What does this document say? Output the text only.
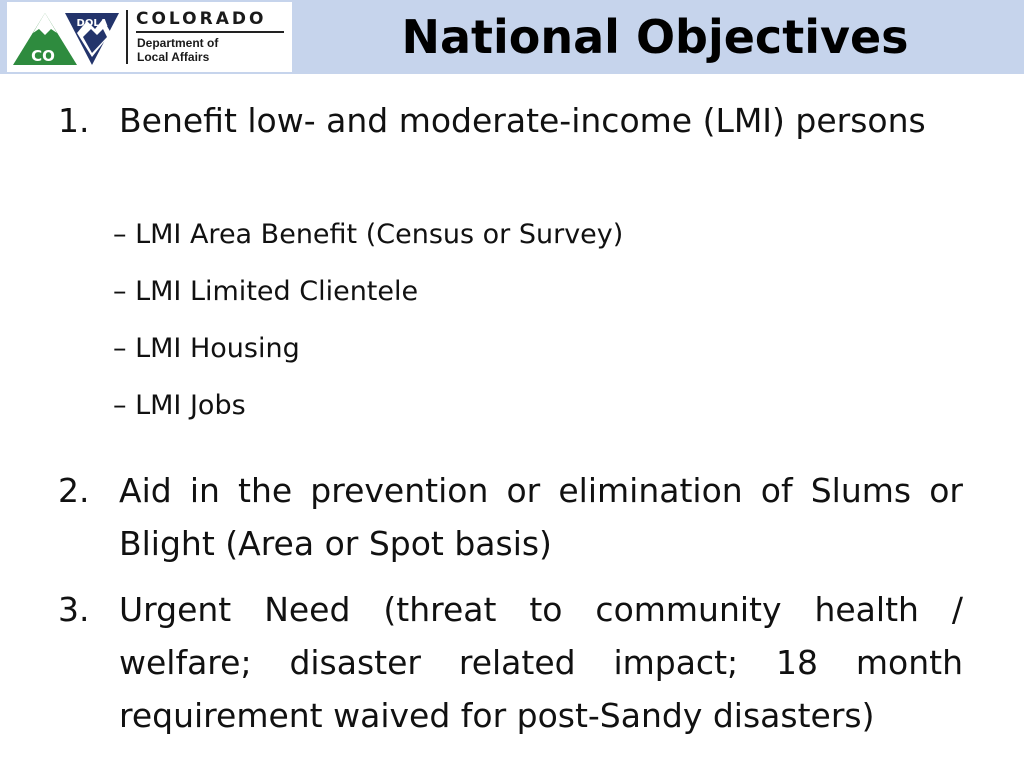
DOLA
CO
COLORADO
Department of
Local Affairs	National Objectives
1. Benefit low- and moderate-income (LMI) persons
– LMI Area Benefit (Census or Survey)
– LMI Limited Clientele
– LMI Housing
– LMI Jobs
2. Aid in the prevention or elimination of Slums or Blight (Area or Spot basis)
3. Urgent Need (threat to community health / welfare; disaster related impact; 18 month requirement waived for post-Sandy disasters)
